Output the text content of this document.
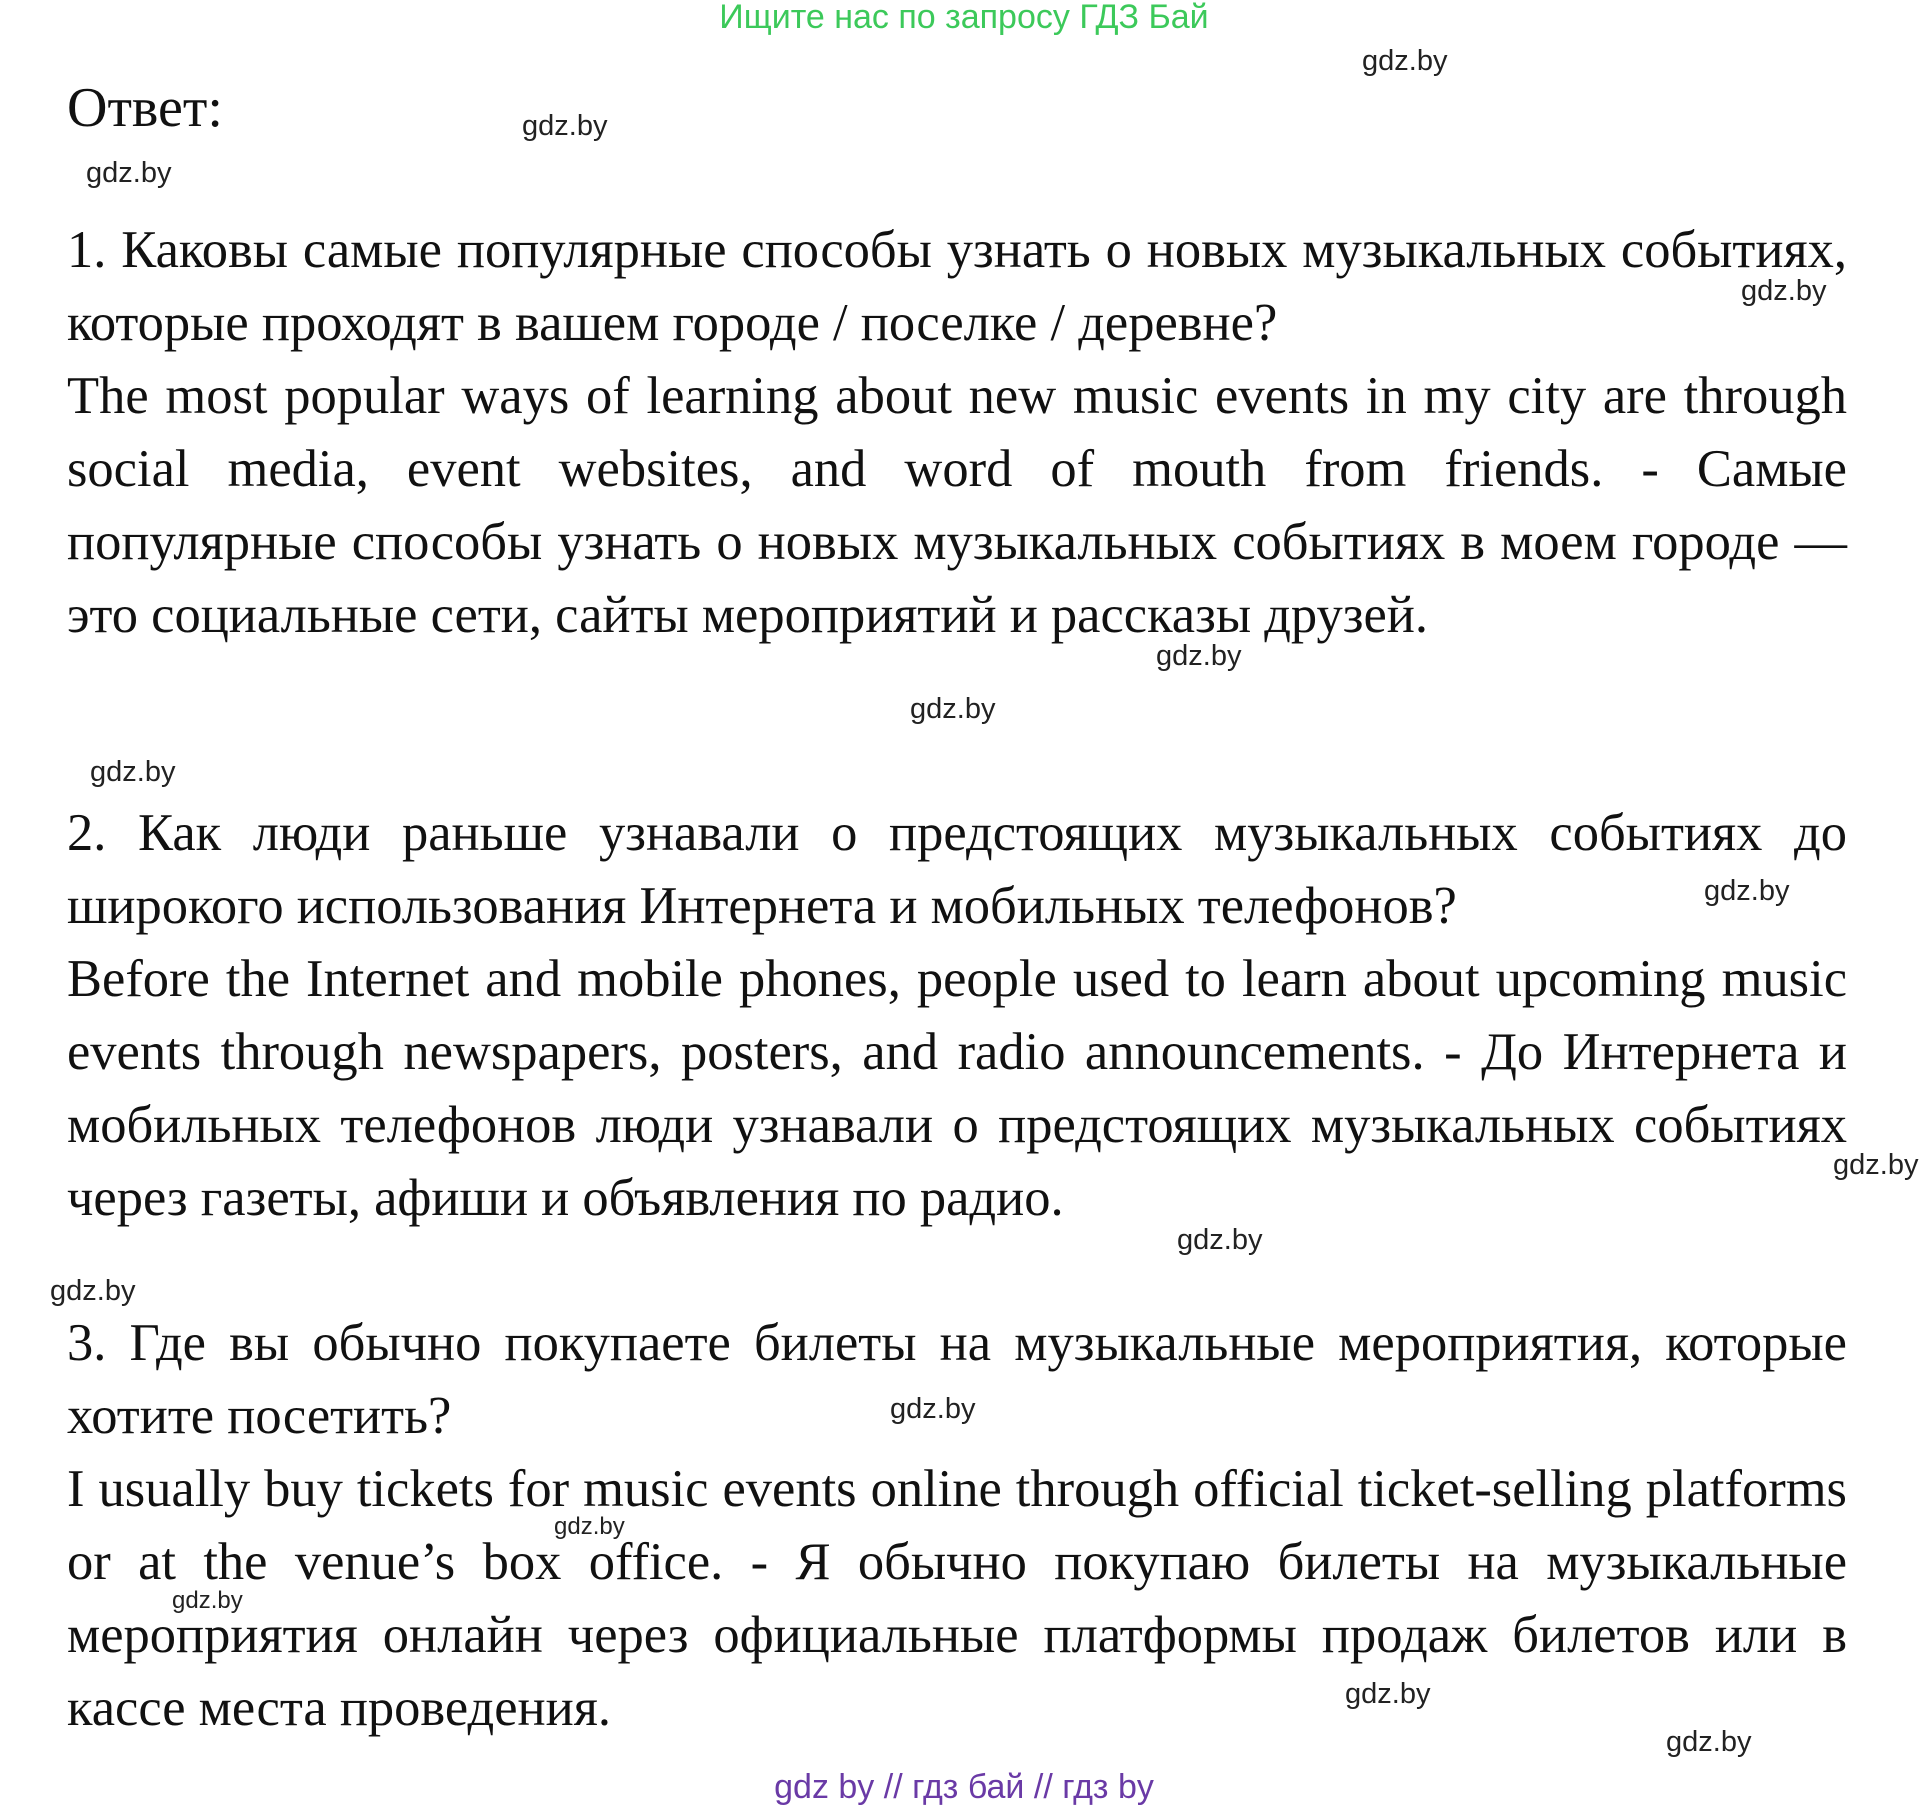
Ищите нас по запросу ГДЗ Бай
Ответ:

1. Каковы самые популярные способы узнать о новых музыкальных событиях, которые проходят в вашем городе / поселке / деревне?

The most popular ways of learning about new music events in my city are through social media, event websites, and word of mouth from friends. - Самые популярные способы узнать о новых музыкальных событиях в моем городе — это социальные сети, сайты мероприятий и рассказы друзей.

2. Как люди раньше узнавали о предстоящих музыкальных событиях до широкого использования Интернета и мобильных телефонов?

Before the Internet and mobile phones, people used to learn about upcoming music events through newspapers, posters, and radio announcements. - До Интернета и мобильных телефонов люди узнавали о предстоящих музыкальных событиях через газеты, афиши и объявления по радио.

3. Где вы обычно покупаете билеты на музыкальные мероприятия, которые хотите посетить?

I usually buy tickets for music events online through official ticket-selling platforms or at the venue’s box office. - Я обычно покупаю билеты на музыкальные мероприятия онлайн через официальные платформы продаж билетов или в кассе места проведения.

gdz.by
gdz.by
gdz.by
gdz.by
gdz.by
gdz.by
gdz.by
gdz.by
gdz.by
gdz.by
gdz.by
gdz.by
gdz.by
gdz.by
gdz.by
gdz.by
gdz by // гдз бай // гдз by
